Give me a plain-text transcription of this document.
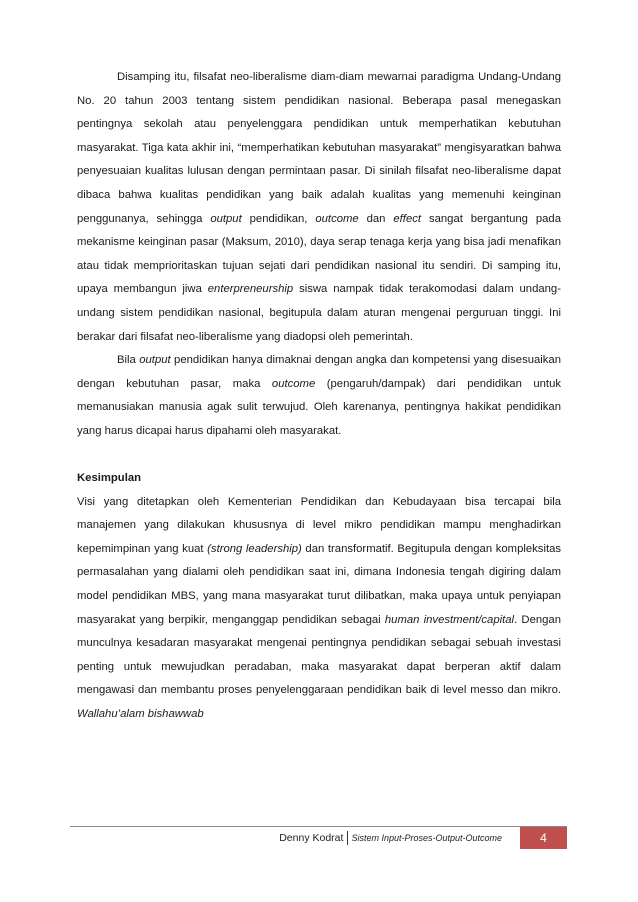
Disamping itu, filsafat neo-liberalisme diam-diam mewarnai paradigma Undang-Undang No. 20 tahun 2003 tentang sistem pendidikan nasional. Beberapa pasal menegaskan pentingnya sekolah atau penyelenggara pendidikan untuk memperhatikan kebutuhan masyarakat. Tiga kata akhir ini, “memperhatikan kebutuhan masyarakat” mengisyaratkan bahwa penyesuaian kualitas lulusan dengan permintaan pasar. Di sinilah filsafat neo-liberalisme dapat dibaca bahwa kualitas pendidikan yang baik adalah kualitas yang memenuhi keinginan penggunanya, sehingga output pendidikan, outcome dan effect sangat bergantung pada mekanisme keinginan pasar (Maksum, 2010), daya serap tenaga kerja yang bisa jadi menafikan atau tidak memprioritaskan tujuan sejati dari pendidikan nasional itu sendiri. Di samping itu, upaya membangun jiwa enterpreneurship siswa nampak tidak terakomodasi dalam undang-undang sistem pendidikan nasional, begitupula dalam aturan mengenai perguruan tinggi. Ini berakar dari filsafat neo-liberalisme yang diadopsi oleh pemerintah.

Bila output pendidikan hanya dimaknai dengan angka dan kompetensi yang disesuaikan dengan kebutuhan pasar, maka outcome (pengaruh/dampak) dari pendidikan untuk memanusiakan manusia agak sulit terwujud. Oleh karenanya, pentingnya hakikat pendidikan yang harus dicapai harus dipahami oleh masyarakat.

Kesimpulan

Visi yang ditetapkan oleh Kementerian Pendidikan dan Kebudayaan bisa tercapai bila manajemen yang dilakukan khususnya di level mikro pendidikan mampu menghadirkan kepemimpinan yang kuat (strong leadership) dan transformatif. Begitupula dengan kompleksitas permasalahan yang dialami oleh pendidikan saat ini, dimana Indonesia tengah digiring dalam model pendidikan MBS, yang mana masyarakat turut dilibatkan, maka upaya untuk penyiapan masyarakat yang berpikir, menganggap pendidikan sebagai human investment/capital. Dengan munculnya kesadaran masyarakat mengenai pentingnya pendidikan sebagai sebuah investasi penting untuk mewujudkan peradaban, maka masyarakat dapat berperan aktif dalam mengawasi dan membantu proses penyelenggaraan pendidikan baik di level messo dan mikro. Wallahu’alam bishawwab

Denny Kodrat Sistem Input-Proses-Output-Outcome	4
